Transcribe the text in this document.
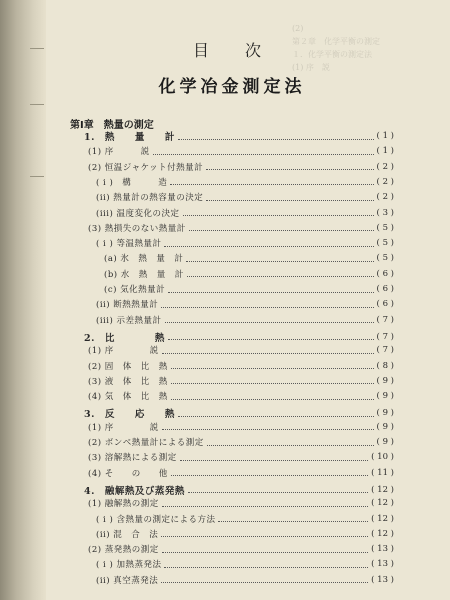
(2)
第２章　化学平衡の測定
１．化学平衡の測定法
(1) 序　説
目　次
化学冶金測定法
第Ⅰ章　熱量の測定
1.　熱　　量　　計	( 1 )
(1) 序　　　説	( 1 )
(2) 恒温ジャケット付熱量計	( 2 )
( i )　構　　　造	( 2 )
(ii) 熱量計の熱容量の決定	( 2 )
(iii) 温度変化の決定	( 3 )
(3) 熱損失のない熱量計	( 5 )
( i ) 等温熱量計	( 5 )
(a) 氷　熱　量　計	( 5 )
(b) 水　熱　量　計	( 6 )
(c) 気化熱量計	( 6 )
(ii) 断熱熱量計	( 6 )
(iii) 示差熱量計	( 7 )
2.　比　　　　熱	( 7 )
(1) 序　　　　説	( 7 )
(2) 固　体　比　熱	( 8 )
(3) 液　体　比　熱	( 9 )
(4) 気　体　比　熱	( 9 )
3.　反　　応　　熱	( 9 )
(1) 序　　　　説	( 9 )
(2) ボンベ熱量計による測定	( 9 )
(3) 溶解熱による測定	( 10 )
(4) そ　　の　　他	( 11 )
4.　融解熱及び蒸発熱	( 12 )
(1) 融解熱の測定	( 12 )
( i ) 含熱量の測定による方法	( 12 )
(ii) 混　合　法	( 12 )
(2) 蒸発熱の測定	( 13 )
( i ) 加熱蒸発法	( 13 )
(ii) 真空蒸発法	( 13 )
